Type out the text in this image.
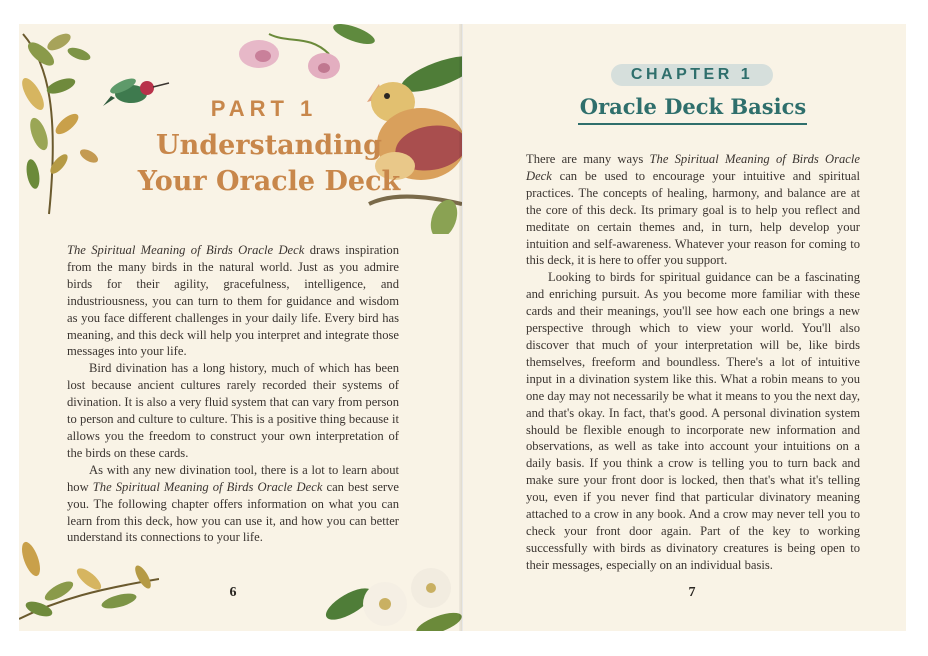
PART 1
Understanding
Your Oracle Deck

The Spiritual Meaning of Birds Oracle Deck draws inspiration from the many birds in the natural world. Just as you admire birds for their agility, gracefulness, intelligence, and industriousness, you can turn to them for guidance and wisdom as you face different challenges in your daily life. Every bird has meaning, and this deck will help you interpret and integrate those messages into your life.

Bird divination has a long history, much of which has been lost because ancient cultures rarely recorded their systems of divination. It is also a very fluid system that can vary from person to person and culture to culture. This is a positive thing because it allows you the freedom to construct your own interpretation of the birds on these cards.

As with any new divination tool, there is a lot to learn about how The Spiritual Meaning of Birds Oracle Deck can best serve you. The following chapter offers information on what you can learn from this deck, how you can use it, and how you can better understand its connections to your life.

6
CHAPTER 1
Oracle Deck Basics

There are many ways The Spiritual Meaning of Birds Oracle Deck can be used to encourage your intuitive and spiritual practices. The concepts of healing, harmony, and balance are at the core of this deck. Its primary goal is to help you reflect and meditate on certain themes and, in turn, help develop your intuition and self-awareness. Whatever your reason for coming to this deck, it is here to offer you support.

Looking to birds for spiritual guidance can be a fascinating and enriching pursuit. As you become more familiar with these cards and their meanings, you'll see how each one brings a new perspective through which to view your world. You'll also discover that much of your interpretation will be, like birds themselves, freeform and boundless. There's a lot of intuitive input in a divination system like this. What a robin means to you one day may not necessarily be what it means to you the next day, and that's okay. In fact, that's good. A personal divination system should be flexible enough to incorporate new information and observations, as well as take into account your intuitions on a daily basis. If you think a crow is telling you to turn back and make sure your front door is locked, then that's what it's telling you, even if you never find that particular divinatory meaning attached to a crow in any book. And a crow may never tell you to check your front door again. Part of the key to working successfully with birds as divinatory creatures is being open to their messages, especially on an individual basis.

7
